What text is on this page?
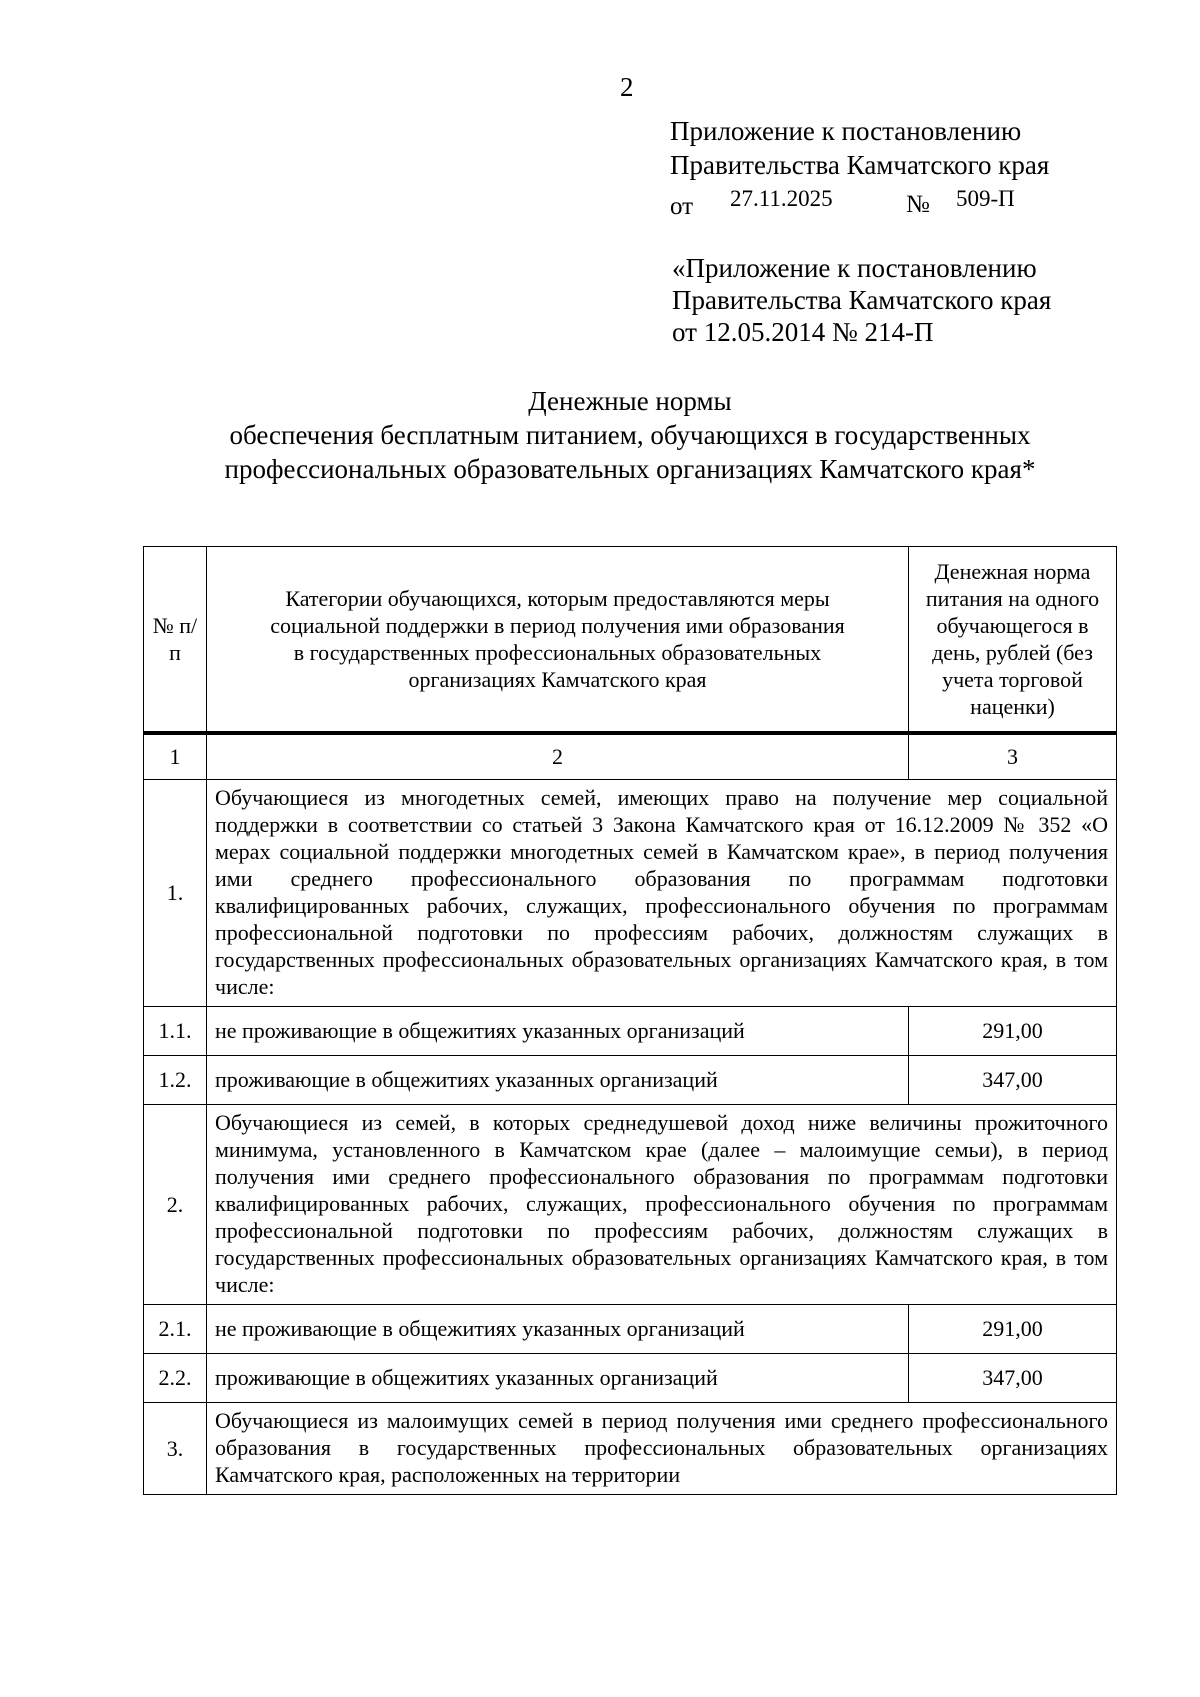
2
Приложение к постановлению
Правительства Камчатского края
от 27.11.2025	№ 509-П
«Приложение к постановлению
Правительства Камчатского края
от 12.05.2014 № 214-П
Денежные нормы
обеспечения бесплатным питанием, обучающихся в государственных
профессиональных образовательных организациях Камчатского края*
№ п/п	Категории обучающихся, которым предоставляются меры социальной поддержки в период получения ими образования в государственных профессиональных образовательных организациях Камчатского края	Денежная норма питания на одного обучающегося в день, рублей (без учета торговой наценки)
1	2	3
1.	Обучающиеся из многодетных семей, имеющих право на получение мер социальной поддержки в соответствии со статьей 3 Закона Камчатского края от 16.12.2009 № 352 «О мерах социальной поддержки многодетных семей в Камчатском крае», в период получения ими среднего профессионального образования по программам подготовки квалифицированных рабочих, служащих, профессионального обучения по программам профессиональной подготовки по профессиям рабочих, должностям служащих в государственных профессиональных образовательных организациях Камчатского края, в том числе:	
1.1.	не проживающие в общежитиях указанных организаций	291,00
1.2.	проживающие в общежитиях указанных организаций	347,00
2.	Обучающиеся из семей, в которых среднедушевой доход ниже величины прожиточного минимума, установленного в Камчатском крае (далее – малоимущие семьи), в период получения ими среднего профессионального образования по программам подготовки квалифицированных рабочих, служащих, профессионального обучения по программам профессиональной подготовки по профессиям рабочих, должностям служащих в государственных профессиональных образовательных организациях Камчатского края, в том числе:	
2.1.	не проживающие в общежитиях указанных организаций	291,00
2.2.	проживающие в общежитиях указанных организаций	347,00
3.	Обучающиеся из малоимущих семей в период получения ими среднего профессионального образования в государственных профессиональных образовательных организациях Камчатского края, расположенных на территории	
